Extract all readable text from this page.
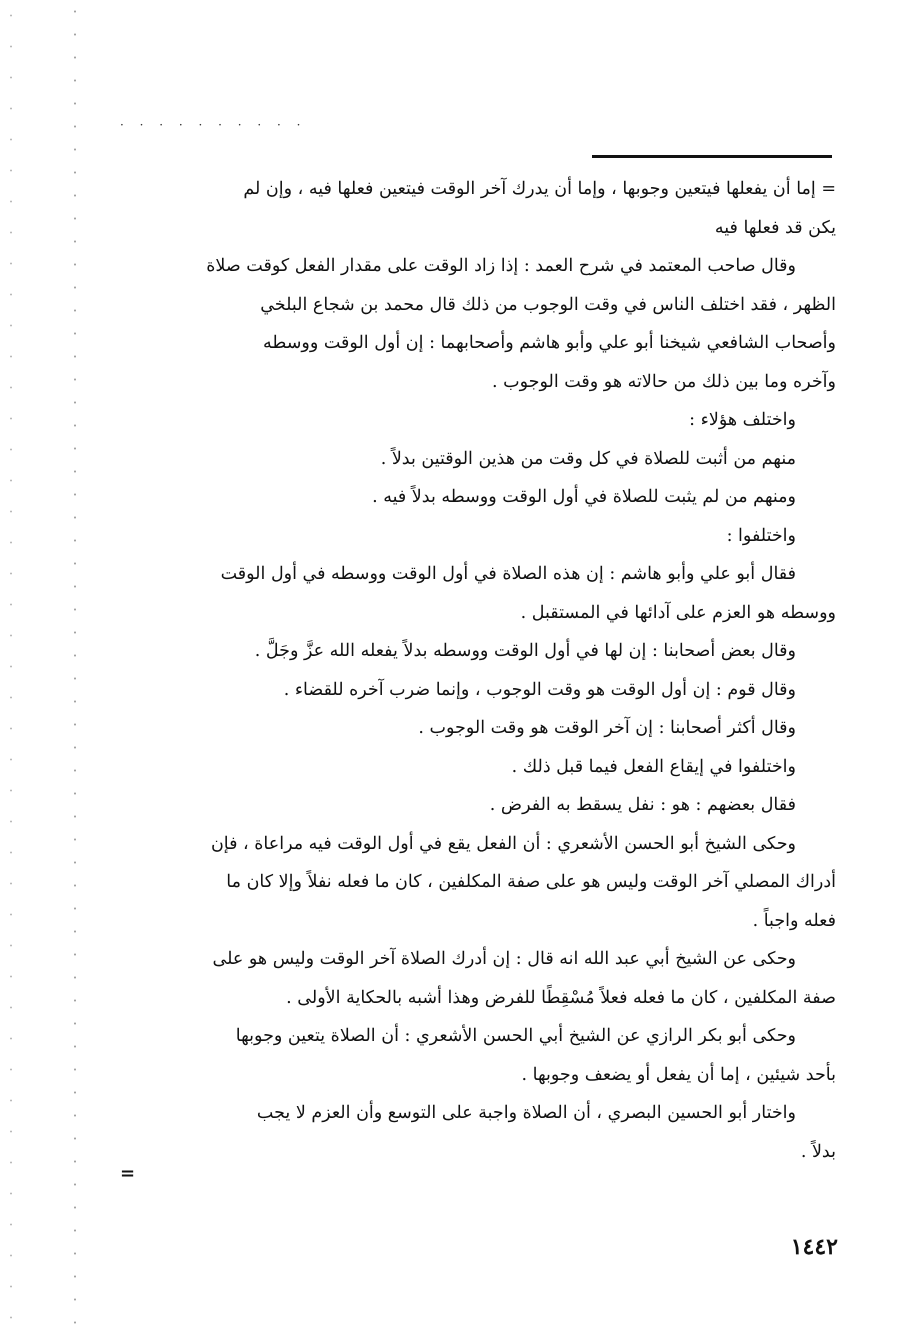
· · · · · · · · · ·
= إما أن يفعلها فيتعين وجوبها ، وإما أن يدرك آخر الوقت فيتعين فعلها فيه ، وإن لم
يكن قد فعلها فيه
وقال صاحب المعتمد في شرح العمد : إذا زاد الوقت على مقدار الفعل كوقت صلاة
الظهر ، فقد اختلف الناس في وقت الوجوب من ذلك قال محمد بن شجاع البلخي
وأصحاب الشافعي شيخنا أبو علي وأبو هاشم وأصحابهما : إن أول الوقت ووسطه
وآخره وما بين ذلك من حالاته هو وقت الوجوب .
واختلف هؤلاء :
منهم من أثبت للصلاة في كل وقت من هذين الوقتين بدلاً .
ومنهم من لم يثبت للصلاة في أول الوقت ووسطه بدلاً فيه .
واختلفوا :
فقال أبو علي وأبو هاشم : إن هذه الصلاة في أول الوقت ووسطه في أول الوقت
ووسطه هو العزم على آدائها في المستقبل .
وقال بعض أصحابنا : إن لها في أول الوقت ووسطه بدلاً يفعله الله عزَّ وجَلَّ .
وقال قوم : إن أول الوقت هو وقت الوجوب ، وإنما ضرب آخره للقضاء .
وقال أكثر أصحابنا : إن آخر الوقت هو وقت الوجوب .
واختلفوا في إيقاع الفعل فيما قبل ذلك .
فقال بعضهم : هو : نفل يسقط به الفرض .
وحكى الشيخ أبو الحسن الأشعري : أن الفعل يقع في أول الوقت فيه مراعاة ، فإن
أدراك المصلي آخر الوقت وليس هو على صفة المكلفين ، كان ما فعله نفلاً وإلا كان ما
فعله واجباً .
وحكى عن الشيخ أبي عبد الله انه قال : إن أدرك الصلاة آخر الوقت وليس هو على
صفة المكلفين ، كان ما فعله فعلاً مُسْقِطًا للفرض وهذا أشبه بالحكاية الأولى .
وحكى أبو بكر الرازي عن الشيخ أبي الحسن الأشعري : أن الصلاة يتعين وجوبها
بأحد شيئين ، إما أن يفعل أو يضعف وجوبها .
واختار أبو الحسين البصري ، أن الصلاة واجبة على التوسع وأن العزم لا يجب
بدلاً .
=
١٤٤٢
